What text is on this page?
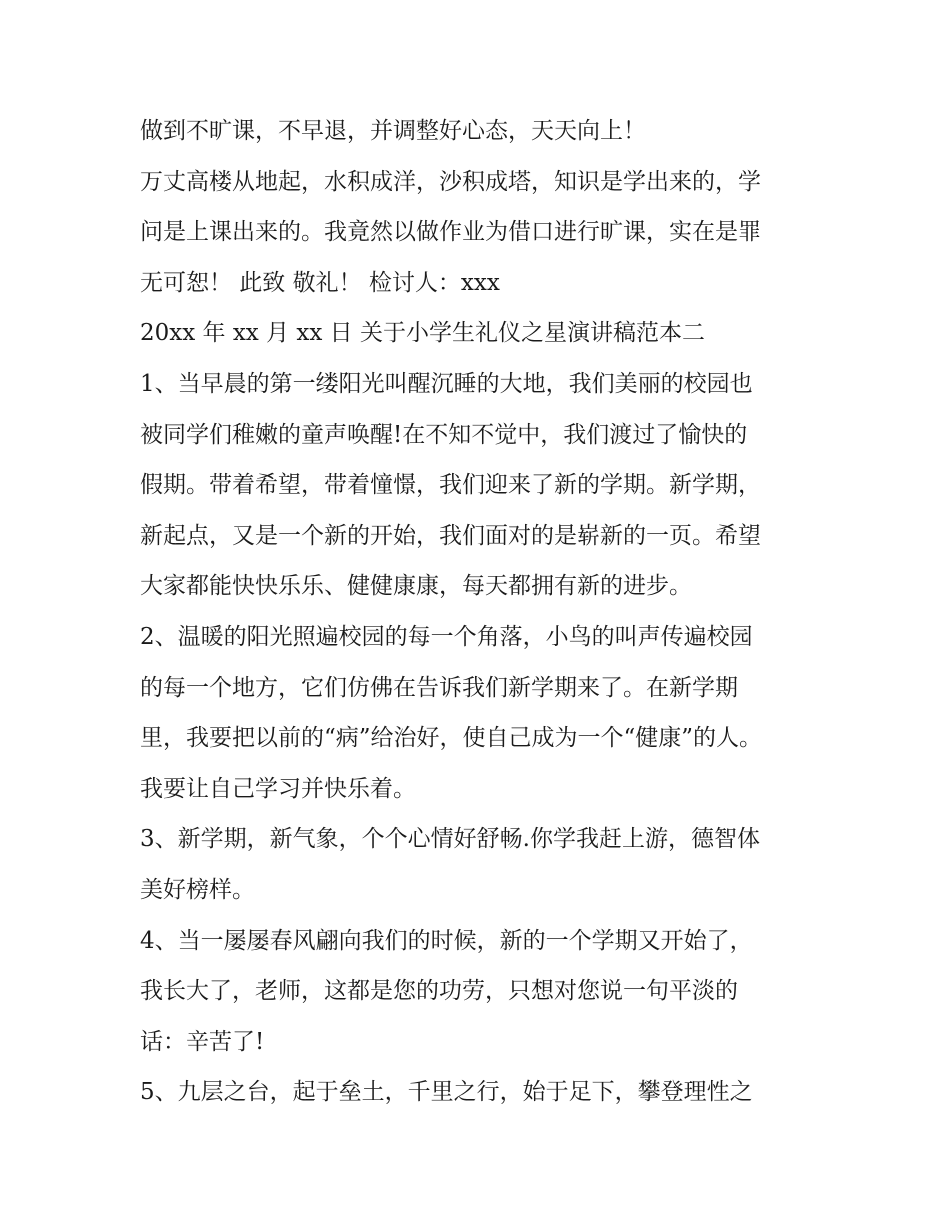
做到不旷课，不早退，并调整好心态，天天向上！
万丈高楼从地起，水积成洋，沙积成塔，知识是学出来的，学
问是上课出来的。我竟然以做作业为借口进行旷课，实在是罪
无可恕！ 此致 敬礼！ 检讨人：xxx
20xx 年 xx 月 xx 日 关于小学生礼仪之星演讲稿范本二
1、当早晨的第一缕阳光叫醒沉睡的大地，我们美丽的校园也
被同学们稚嫩的童声唤醒!在不知不觉中，我们渡过了愉快的
假期。带着希望，带着憧憬，我们迎来了新的学期。新学期，
新起点，又是一个新的开始，我们面对的是崭新的一页。希望
大家都能快快乐乐、健健康康，每天都拥有新的进步。
2、温暖的阳光照遍校园的每一个角落，小鸟的叫声传遍校园
的每一个地方，它们仿佛在告诉我们新学期来了。在新学期
里，我要把以前的“病”给治好，使自己成为一个“健康”的人。
我要让自己学习并快乐着。
3、新学期，新气象，个个心情好舒畅.你学我赶上游，德智体
美好榜样。
4、当一屡屡春风翩向我们的时候，新的一个学期又开始了，
我长大了，老师，这都是您的功劳，只想对您说一句平淡的
话：辛苦了!
5、九层之台，起于垒土，千里之行，始于足下，攀登理性之
